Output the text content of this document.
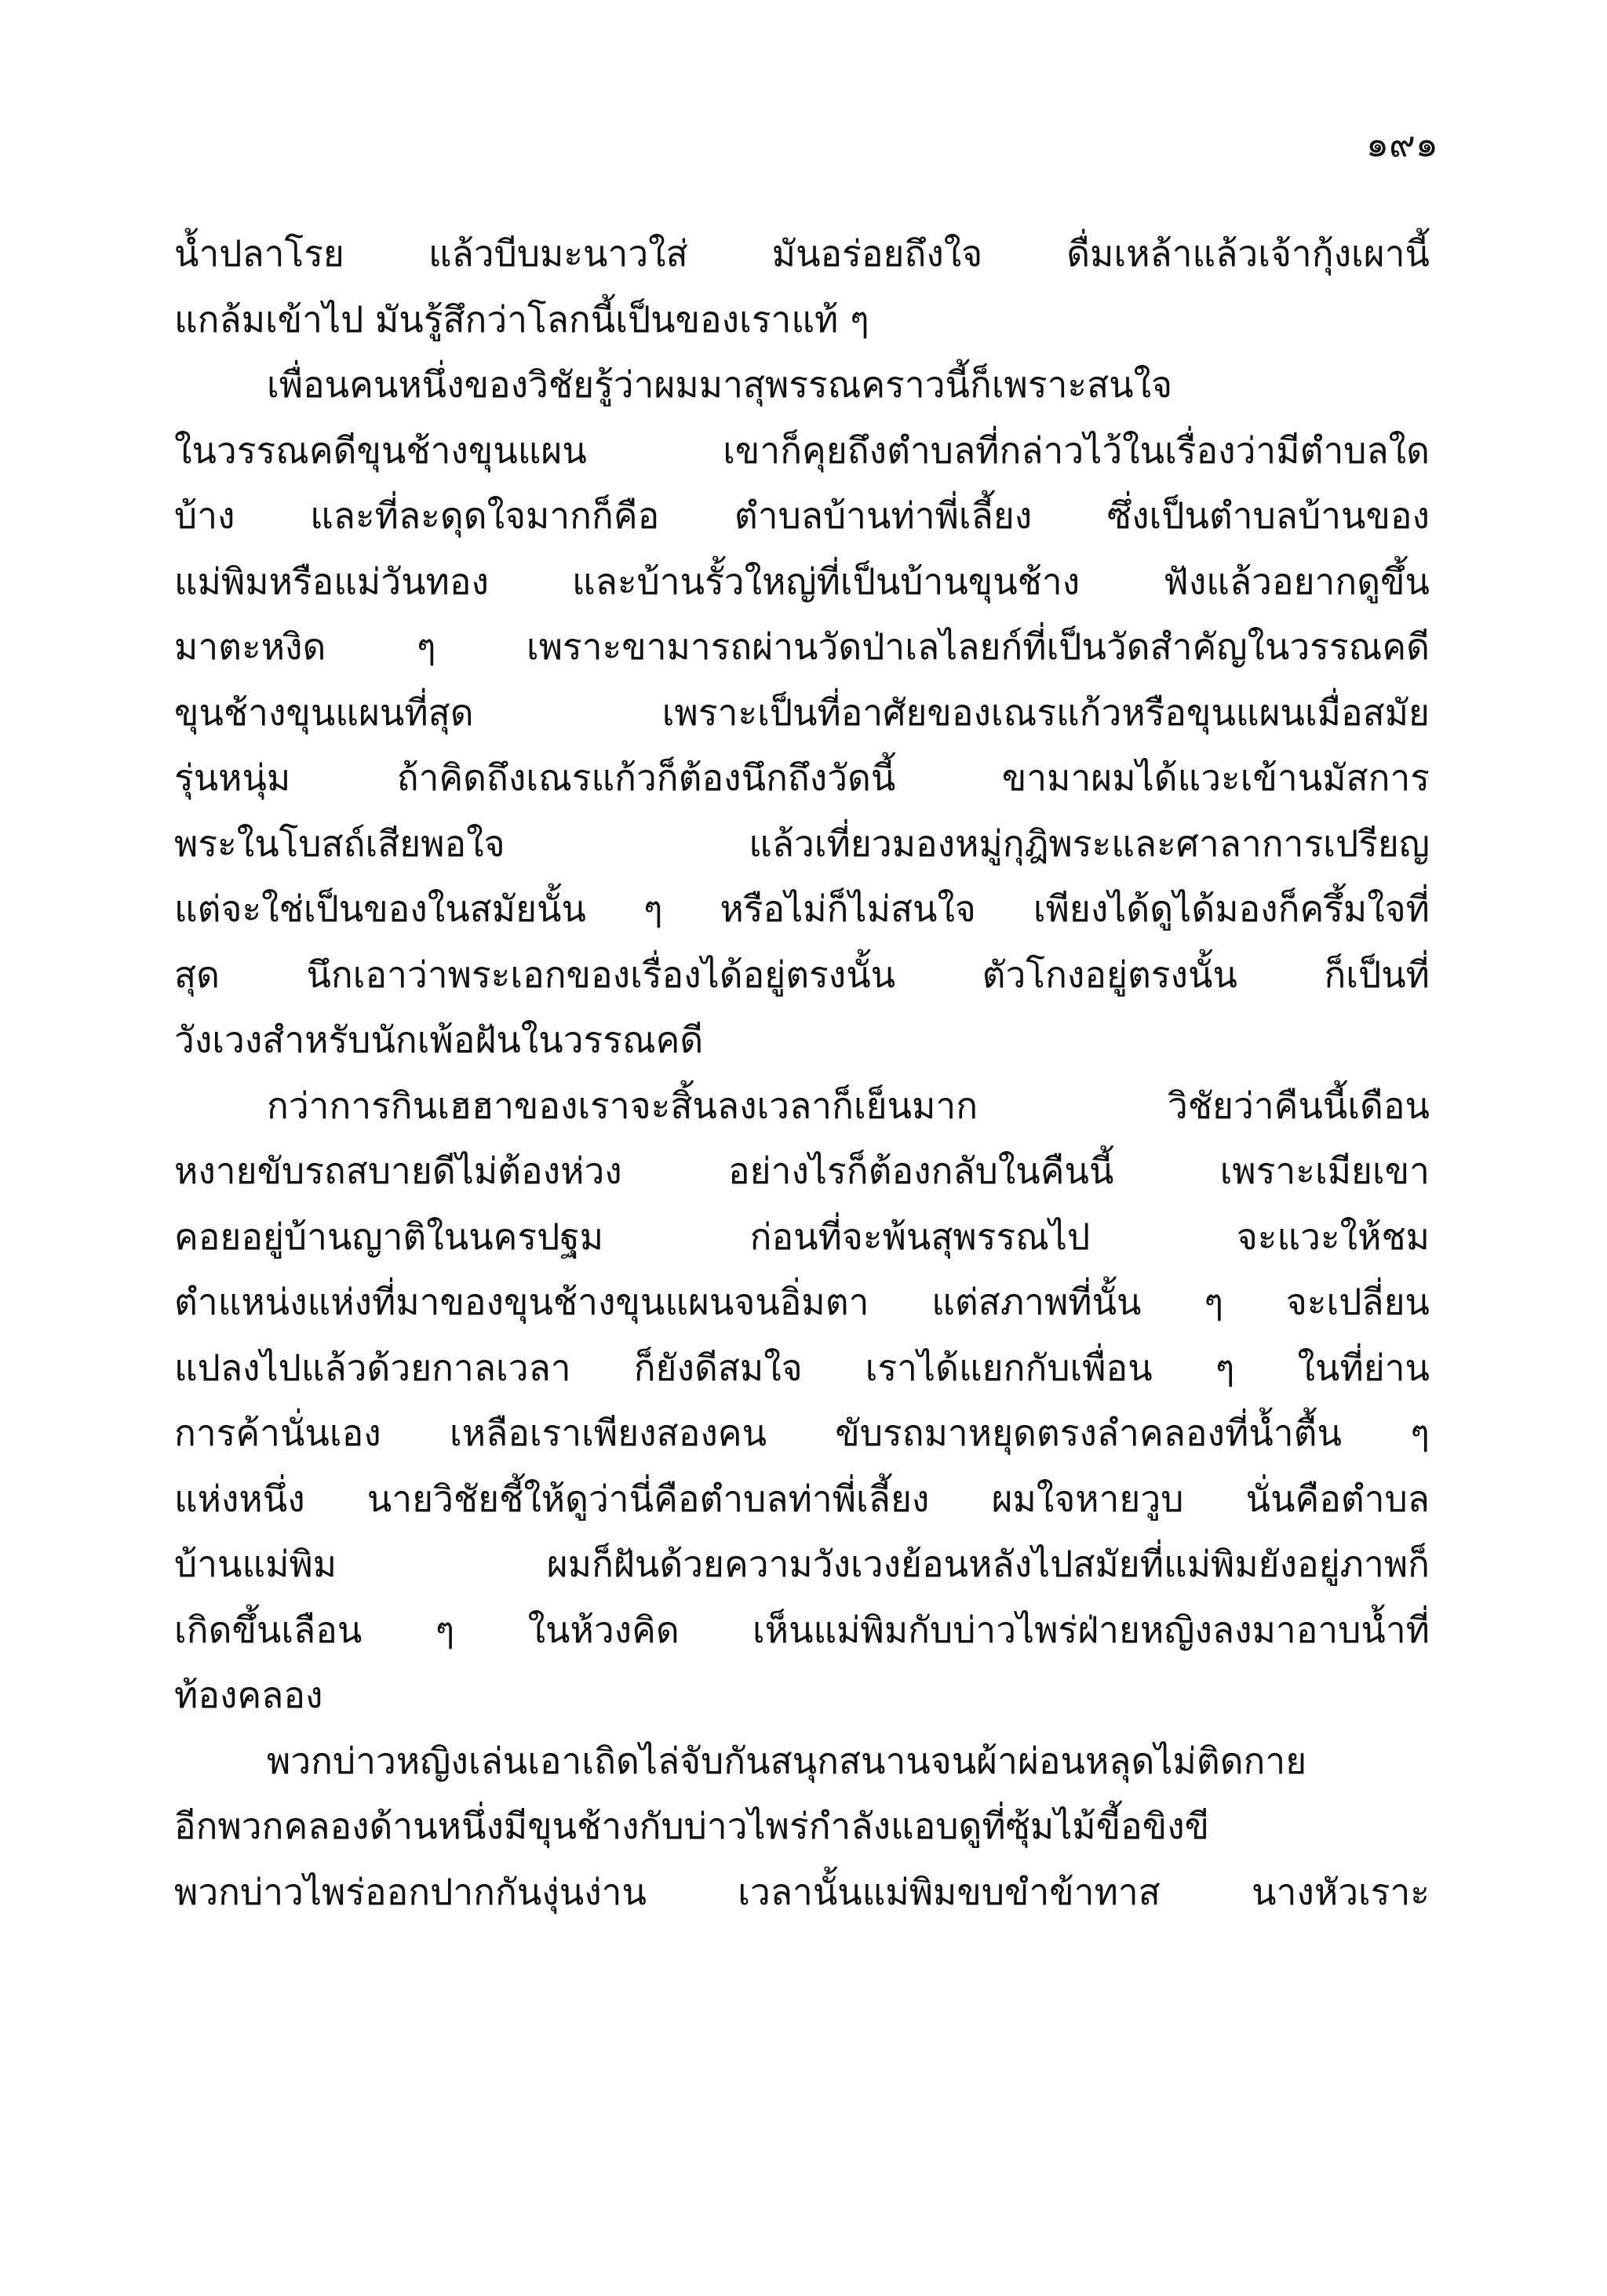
๑๙๑
น้ำปลาโรย แล้วบีบมะนาวใส่ มันอร่อยถึงใจ ดื่มเหล้าแล้วเจ้ากุ้งเผานี้
แกล้มเข้าไป มันรู้สึกว่าโลกนี้เป็นของเราแท้ ๆ
เพื่อนคนหนึ่งของวิชัยรู้ว่าผมมาสุพรรณคราวนี้ก็เพราะสนใจ
ในวรรณคดีขุนช้างขุนแผน เขาก็คุยถึงตำบลที่กล่าวไว้ในเรื่องว่ามีตำบลใด
บ้าง และที่ละดุดใจมากก็คือ ตำบลบ้านท่าพี่เลี้ยง ซึ่งเป็นตำบลบ้านของ
แม่พิมหรือแม่วันทอง และบ้านรั้วใหญ่ที่เป็นบ้านขุนช้าง ฟังแล้วอยากดูขึ้น
มาตะหงิด ๆ เพราะขามารถผ่านวัดป่าเลไลยก์ที่เป็นวัดสำคัญในวรรณคดี
ขุนช้างขุนแผนที่สุด เพราะเป็นที่อาศัยของเณรแก้วหรือขุนแผนเมื่อสมัย
รุ่นหนุ่ม ถ้าคิดถึงเณรแก้วก็ต้องนึกถึงวัดนี้ ขามาผมได้แวะเข้านมัสการ
พระในโบสถ์เสียพอใจ แล้วเที่ยวมองหมู่กุฎิพระและศาลาการเปรียญ
แต่จะใช่เป็นของในสมัยนั้น ๆ หรือไม่ก็ไม่สนใจ เพียงได้ดูได้มองก็ครึ้มใจที่
สุด นึกเอาว่าพระเอกของเรื่องได้อยู่ตรงนั้น ตัวโกงอยู่ตรงนั้น ก็เป็นที่
วังเวงสำหรับนักเพ้อฝันในวรรณคดี
กว่าการกินเฮฮาของเราจะสิ้นลงเวลาก็เย็นมาก วิชัยว่าคืนนี้เดือน
หงายขับรถสบายดีไม่ต้องห่วง อย่างไรก็ต้องกลับในคืนนี้ เพราะเมียเขา
คอยอยู่บ้านญาติในนครปฐม ก่อนที่จะพ้นสุพรรณไป จะแวะให้ชม
ตำแหน่งแห่งที่มาของขุนช้างขุนแผนจนอิ่มตา แต่สภาพที่นั้น ๆ จะเปลี่ยน
แปลงไปแล้วด้วยกาลเวลา ก็ยังดีสมใจ เราได้แยกกับเพื่อน ๆ ในที่ย่าน
การค้านั่นเอง เหลือเราเพียงสองคน ขับรถมาหยุดตรงลำคลองที่น้ำตื้น ๆ
แห่งหนึ่ง นายวิชัยชี้ให้ดูว่านี่คือตำบลท่าพี่เลี้ยง ผมใจหายวูบ นั่นคือตำบล
บ้านแม่พิม ผมก็ฝันด้วยความวังเวงย้อนหลังไปสมัยที่แม่พิมยังอยู่ภาพก็
เกิดขึ้นเลือน ๆ ในห้วงคิด เห็นแม่พิมกับบ่าวไพร่ฝ่ายหญิงลงมาอาบน้ำที่
ท้องคลอง
พวกบ่าวหญิงเล่นเอาเถิดไล่จับกันสนุกสนานจนผ้าผ่อนหลุดไม่ติดกาย
อีกพวกคลองด้านหนึ่งมีขุนช้างกับบ่าวไพร่กำลังแอบดูที่ซุ้มไม้ขี้อขิงขี
พวกบ่าวไพร่ออกปากกันงุ่นง่าน เวลานั้นแม่พิมขบขำข้าทาส นางหัวเราะ
